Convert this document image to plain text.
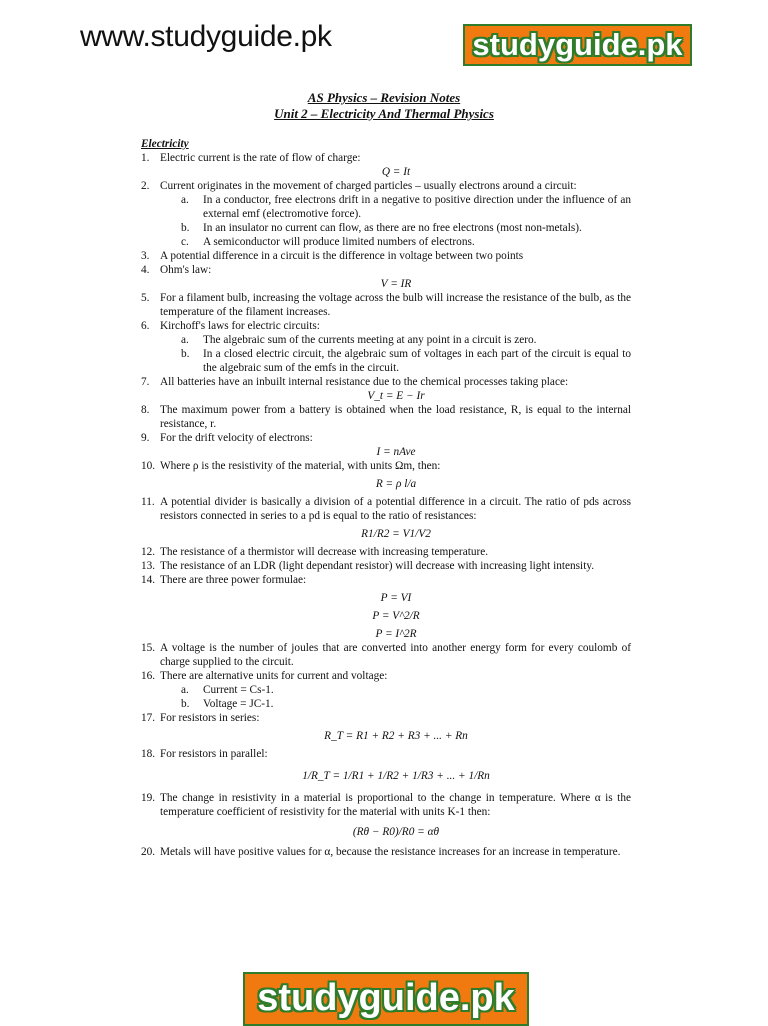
www.studyguide.pk	studyguide.pk
AS Physics – Revision Notes
Unit 2 – Electricity And Thermal Physics
Electricity
1. Electric current is the rate of flow of charge:
Q = It
2. Current originates in the movement of charged particles – usually electrons around a circuit:
a.	In a conductor, free electrons drift in a negative to positive direction under the influence of an external emf (electromotive force).
b.	In an insulator no current can flow, as there are no free electrons (most non-metals).
c.	A semiconductor will produce limited numbers of electrons.
3. A potential difference in a circuit is the difference in voltage between two points
4. Ohm's law:
V = IR
5. For a filament bulb, increasing the voltage across the bulb will increase the resistance of the bulb, as the temperature of the filament increases.
6. Kirchoff's laws for electric circuits:
a.	The algebraic sum of the currents meeting at any point in a circuit is zero.
b.	In a closed electric circuit, the algebraic sum of voltages in each part of the circuit is equal to the algebraic sum of the emfs in the circuit.
7. All batteries have an inbuilt internal resistance due to the chemical processes taking place:
V_t = E − Ir
8. The maximum power from a battery is obtained when the load resistance, R, is equal to the internal resistance, r.
9. For the drift velocity of electrons:
I = nAve
10. Where ρ is the resistivity of the material, with units Ωm, then:
R = ρ l/a
11. A potential divider is basically a division of a potential difference in a circuit. The ratio of pds across resistors connected in series to a pd is equal to the ratio of resistances:
R1/R2 = V1/V2
12. The resistance of a thermistor will decrease with increasing temperature.
13. The resistance of an LDR (light dependant resistor) will decrease with increasing light intensity.
14. There are three power formulae:
P = VI
P = V^2/R
P = I^2R
15. A voltage is the number of joules that are converted into another energy form for every coulomb of charge supplied to the circuit.
16. There are alternative units for current and voltage:
a.	Current = Cs-1.
b.	Voltage = JC-1.
17. For resistors in series:
R_T = R1 + R2 + R3 + ... + Rn
18. For resistors in parallel:
1/R_T = 1/R1 + 1/R2 + 1/R3 + ... + 1/Rn
19. The change in resistivity in a material is proportional to the change in temperature. Where α is the temperature coefficient of resistivity for the material with units K-1 then:
(Rθ − R0)/R0 = αθ
20. Metals will have positive values for α, because the resistance increases for an increase in temperature.
studyguide.pk
